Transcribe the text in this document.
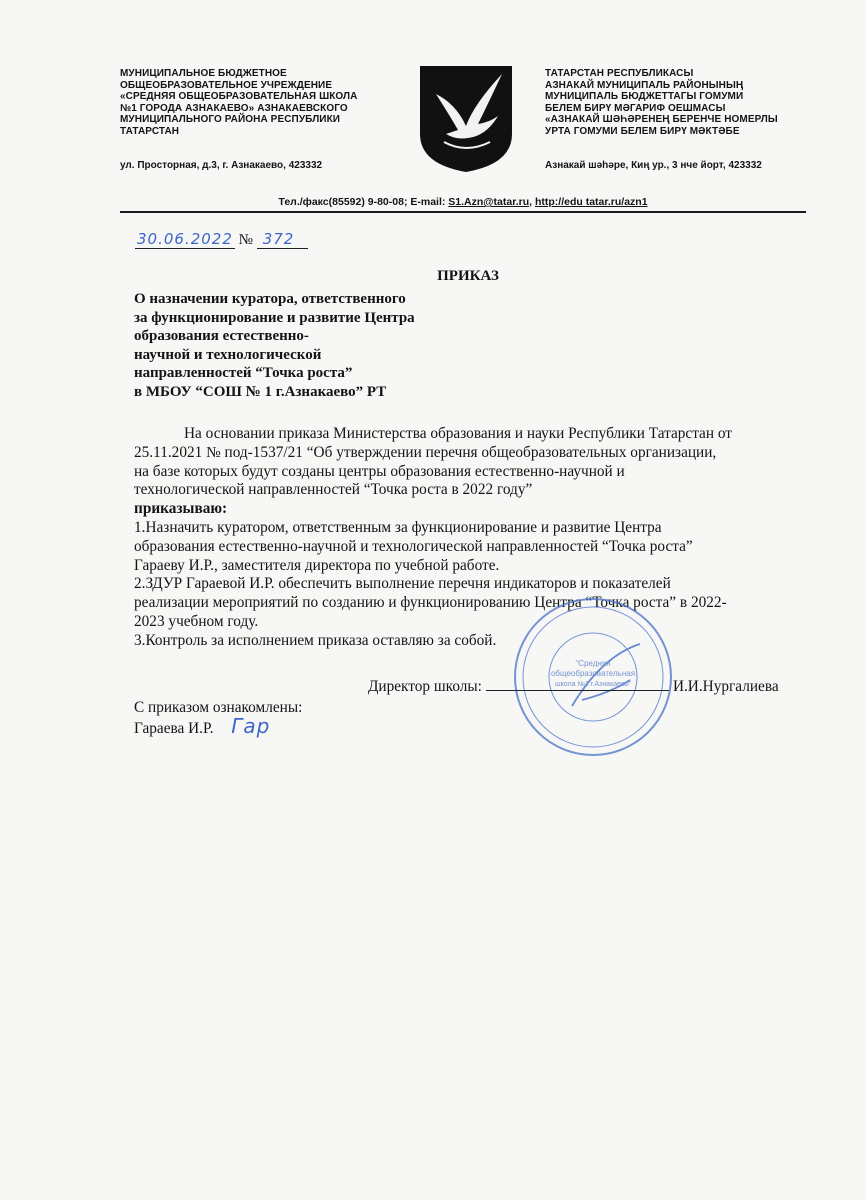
МУНИЦИПАЛЬНОЕ БЮДЖЕТНОЕ
ОБЩЕОБРАЗОВАТЕЛЬНОЕ УЧРЕЖДЕНИЕ
«СРЕДНЯЯ ОБЩЕОБРАЗОВАТЕЛЬНАЯ ШКОЛА
№1 ГОРОДА АЗНАКАЕВО» АЗНАКАЕВСКОГО
МУНИЦИПАЛЬНОГО РАЙОНА РЕСПУБЛИКИ
ТАТАРСТАН
ул. Просторная, д.3, г. Азнакаево, 423332
ТАТАРСТАН РЕСПУБЛИКАСЫ
АЗНАКАЙ МУНИЦИПАЛЬ РАЙОНЫНЫҢ
МУНИЦИПАЛЬ БЮДЖЕТТАГЫ ГОМУМИ
БЕЛЕМ БИРҮ МӘГАРИФ ОЕШМАСЫ
«АЗНАКАЙ ШӘҺӘРЕНЕҢ БЕРЕНЧЕ НОМЕРЛЫ
УРТА ГОМУМИ БЕЛЕМ БИРҮ МӘКТӘБЕ
Азнакай шәһәре, Киң ур., 3 нче йорт, 423332
Тел./факс(85592) 9-80-08; E-mail: S1.Azn@tatar.ru, http://edu tatar.ru/azn1
30.06.2022 № 372
ПРИКАЗ
О назначении куратора, ответственного
за функционирование и развитие Центра
образования естественно-
научной и технологической
направленностей “Точка роста”
в МБОУ “СОШ № 1 г.Азнакаево” РТ

На основании приказа Министерства образования и науки Республики Татарстан от

25.11.2021 № под-1537/21 “Об утверждении перечня общеобразовательных организации,

на базе которых будут созданы центры образования естественно-научной и

технологической направленностей “Точка роста в 2022 году”

приказываю:

1.Назначить куратором, ответственным за функционирование и развитие Центра

образования естественно-научной и технологической направленностей “Точка роста”

Гараеву И.Р., заместителя директора по учебной работе.

2.ЗДУР Гараевой И.Р. обеспечить выполнение перечня индикаторов и показателей

реализации мероприятий по созданию и функционированию Центра “Точка роста” в 2022-

2023 учебном году.

3.Контроль за исполнением приказа оставляю за собой.

“Средняя
общеобразовательная
школа №1 г.Азнакаево”
Директор школы:	И.И.Нургалиева
С приказом ознакомлены:
Гараева И.Р. Гар
